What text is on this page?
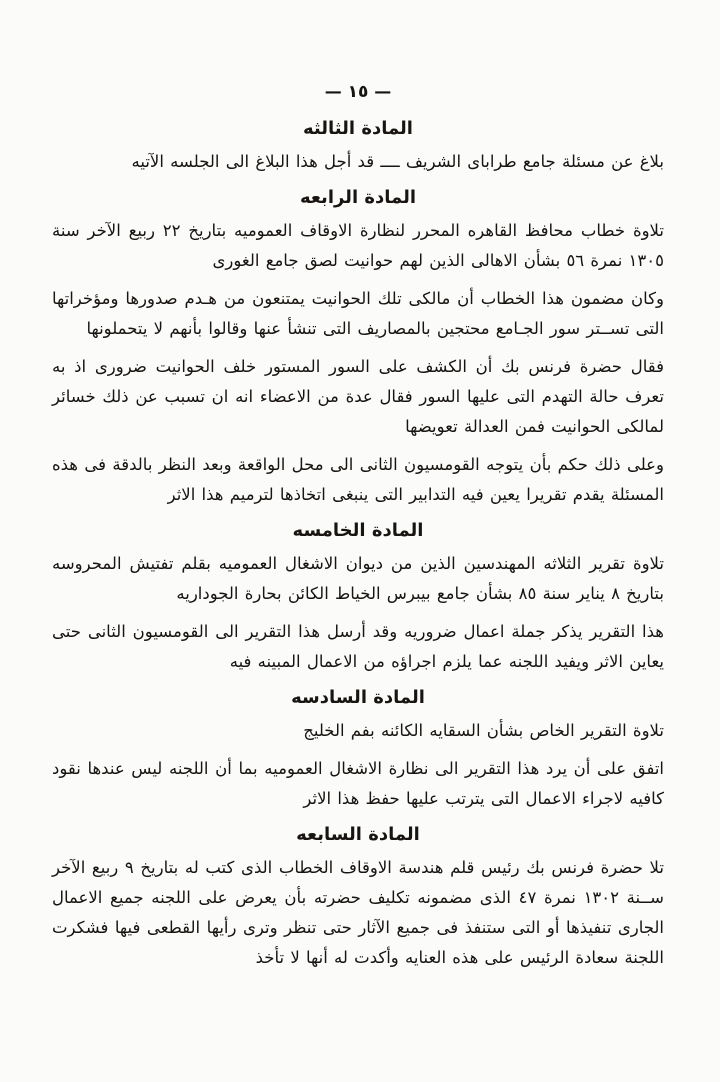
— ١٥ —
المادة الثالثه

بلاغ عن مسئلة جامع طراباى الشريف ــــ قد أجل هذا البلاغ الى الجلسه الآتيه

المادة الرابعه

تلاوة خطاب محافظ القاهره المحرر لنظارة الاوقاف العموميه بتاريخ ٢٢ ربيع الآخر سنة ١٣٠٥ نمرة ٥٦ بشأن الاهالى الذين لهم حوانيت لصق جامع الغورى

وكان مضمون هذا الخطاب أن مالكى تلك الحوانيت يمتنعون من هـدم صدورها ومؤخراتها التى تســتر سور الجـامع محتجين بالمصاريف التى تنشأ عنها وقالوا بأنهم لا يتحملونها

فقال حضرة فرنس بك أن الكشف على السور المستور خلف الحوانيت ضرورى اذ به تعرف حالة التهدم التى عليها السور فقال عدة من الاعضاء انه ان تسبب عن ذلك خسائر لمالكى الحوانيت فمن العدالة تعويضها

وعلى ذلك حكم بأن يتوجه القومسيون الثانى الى محل الواقعة وبعد النظر بالدقة فى هذه المسئلة يقدم تقريرا يعين فيه التدابير التى ينبغى اتخاذها لترميم هذا الاثر

المادة الخامسه

تلاوة تقرير الثلاثه المهندسين الذين من ديوان الاشغال العموميه بقلم تفتيش المحروسه بتاريخ ٨ يناير سنة ٨٥ بشأن جامع بيبرس الخياط الكائن بحارة الجوداريه

هذا التقرير يذكر جملة اعمال ضروريه وقد أرسل هذا التقرير الى القومسيون الثانى حتى يعاين الاثر ويفيد اللجنه عما يلزم اجراؤه من الاعمال المبينه فيه

المادة السادسه

تلاوة التقرير الخاص بشأن السقايه الكائنه بفم الخليج

اتفق على أن يرد هذا التقرير الى نظارة الاشغال العموميه بما أن اللجنه ليس عندها نقود كافيه لاجراء الاعمال التى يترتب عليها حفظ هذا الاثر

المادة السابعه

تلا حضرة فرنس بك رئيس قلم هندسة الاوقاف الخطاب الذى كتب له بتاريخ ٩ ربيع الآخر ســنة ١٣٠٢ نمرة ٤٧ الذى مضمونه تكليف حضرته بأن يعرض على اللجنه جميع الاعمال الجارى تنفيذها أو التى ستنفذ فى جميع الآثار حتى تنظر وترى رأيها القطعى فيها فشكرت اللجنة سعادة الرئيس على هذه العنايه وأكدت له أنها لا تأخذ
